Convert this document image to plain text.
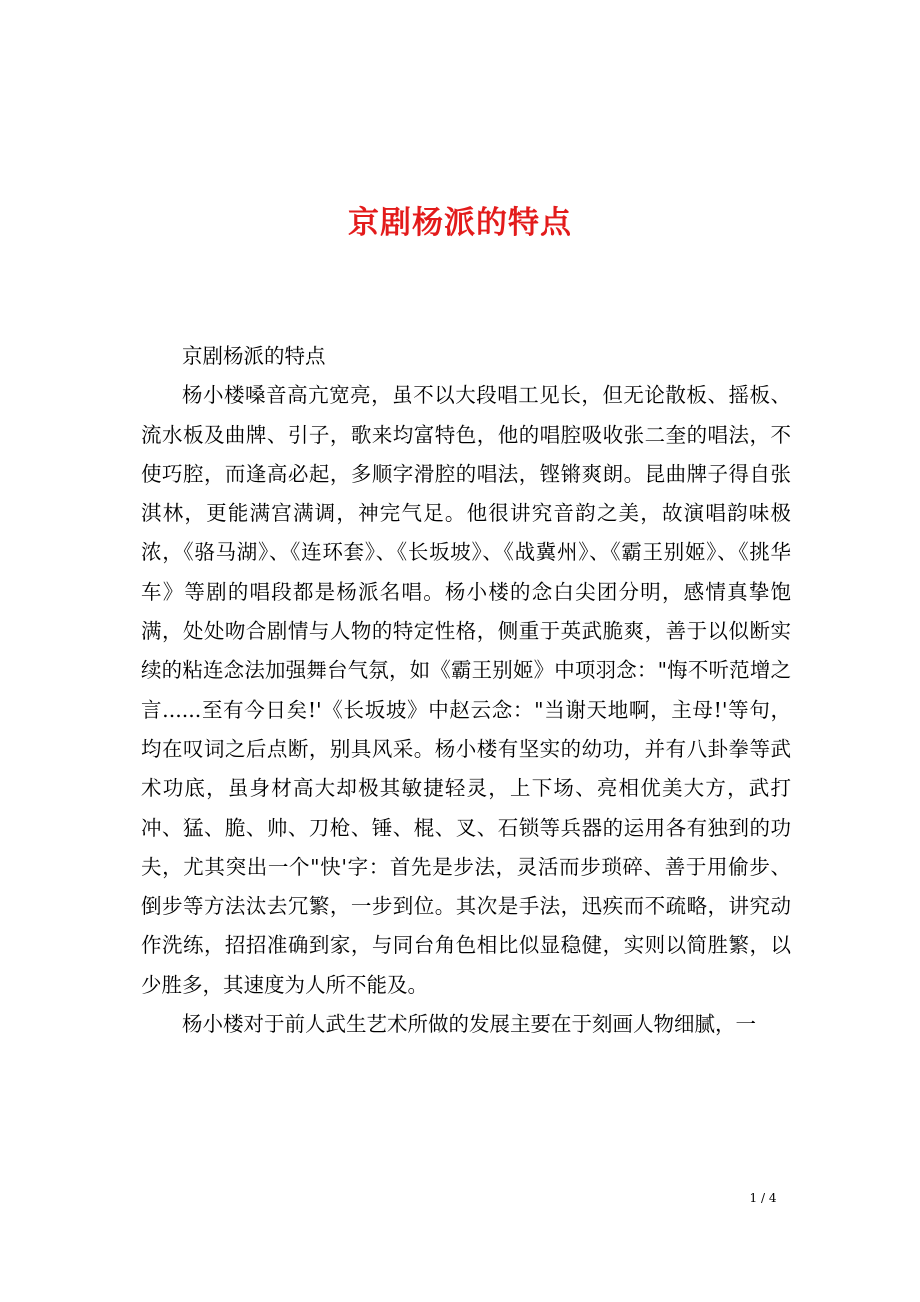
京剧杨派的特点

京剧杨派的特点

杨小楼嗓音高亢宽亮，虽不以大段唱工见长，但无论散板、摇板、流水板及曲牌、引子，歌来均富特色，他的唱腔吸收张二奎的唱法，不使巧腔，而逢高必起，多顺字滑腔的唱法，铿锵爽朗。昆曲牌子得自张淇林，更能满宫满调，神完气足。他很讲究音韵之美，故演唱韵味极浓，《骆马湖》、《连环套》、《长坂坡》、《战冀州》、《霸王别姬》、《挑华车》等剧的唱段都是杨派名唱。杨小楼的念白尖团分明，感情真挚饱满，处处吻合剧情与人物的特定性格，侧重于英武脆爽，善于以似断实续的粘连念法加强舞台气氛，如《霸王别姬》中项羽念："悔不听范增之言......至有今日矣!'《长坂坡》中赵云念："当谢天地啊，主母!'等句，均在叹词之后点断，别具风采。杨小楼有坚实的幼功，并有八卦拳等武术功底，虽身材高大却极其敏捷轻灵，上下场、亮相优美大方，武打冲、猛、脆、帅、刀枪、锤、棍、叉、石锁等兵器的运用各有独到的功夫，尤其突出一个"快'字：首先是步法，灵活而步琐碎、善于用偷步、倒步等方法汰去冗繁，一步到位。其次是手法，迅疾而不疏略，讲究动作洗练，招招准确到家，与同台角色相比似显稳健，实则以简胜繁，以少胜多，其速度为人所不能及。

杨小楼对于前人武生艺术所做的发展主要在于刻画人物细腻，一

1 / 4
